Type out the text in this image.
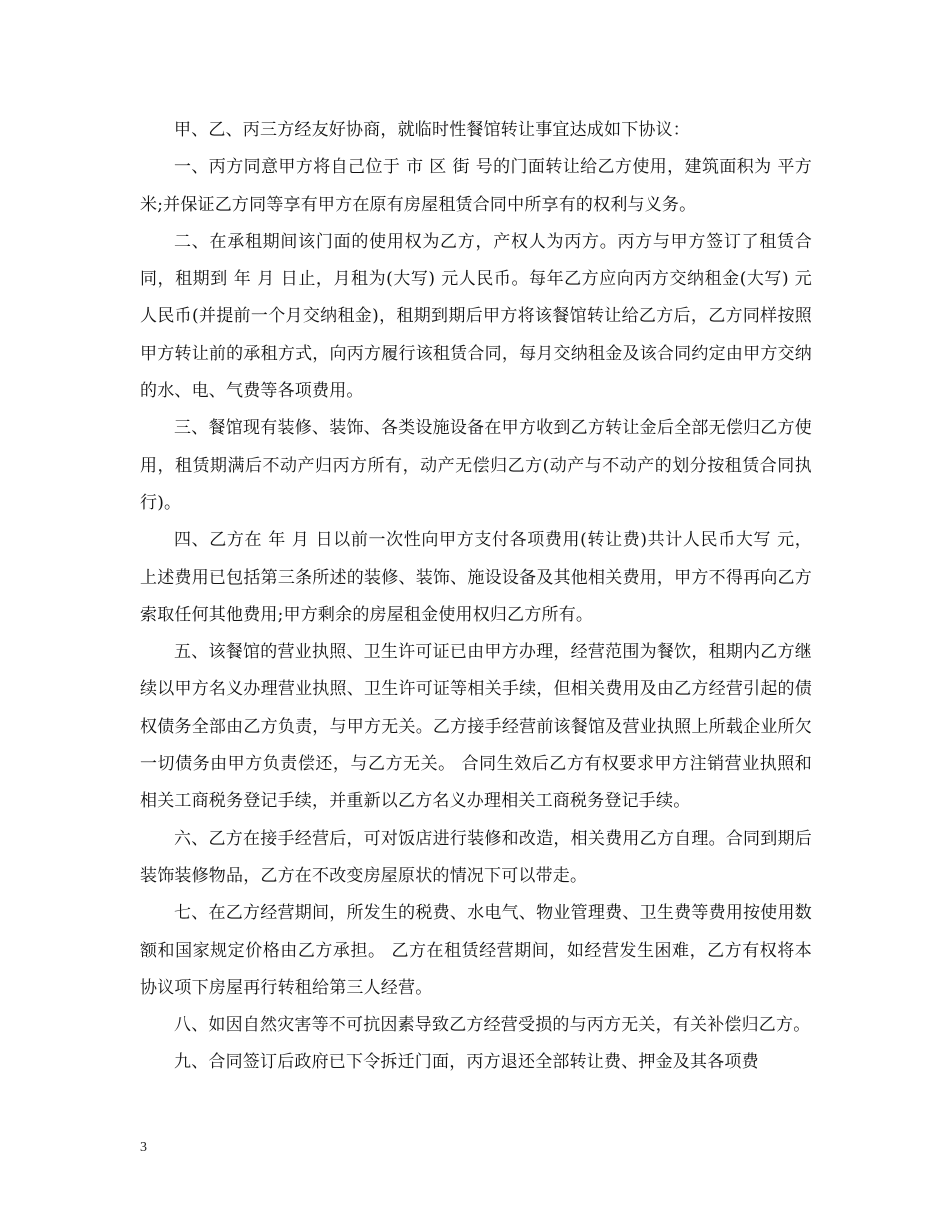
甲、乙、丙三方经友好协商，就临时性餐馆转让事宜达成如下协议：

一、丙方同意甲方将自己位于 市 区 街 号的门面转让给乙方使用，建筑面积为 平方米;并保证乙方同等享有甲方在原有房屋租赁合同中所享有的权利与义务。

二、在承租期间该门面的使用权为乙方，产权人为丙方。丙方与甲方签订了租赁合同，租期到 年 月 日止，月租为(大写) 元人民币。每年乙方应向丙方交纳租金(大写) 元人民币(并提前一个月交纳租金)，租期到期后甲方将该餐馆转让给乙方后，乙方同样按照甲方转让前的承租方式，向丙方履行该租赁合同，每月交纳租金及该合同约定由甲方交纳的水、电、气费等各项费用。

三、餐馆现有装修、装饰、各类设施设备在甲方收到乙方转让金后全部无偿归乙方使用，租赁期满后不动产归丙方所有，动产无偿归乙方(动产与不动产的划分按租赁合同执行)。

四、乙方在 年 月 日以前一次性向甲方支付各项费用(转让费)共计人民币大写 元，上述费用已包括第三条所述的装修、装饰、施设设备及其他相关费用，甲方不得再向乙方索取任何其他费用;甲方剩余的房屋租金使用权归乙方所有。

五、该餐馆的营业执照、卫生许可证已由甲方办理，经营范围为餐饮，租期内乙方继续以甲方名义办理营业执照、卫生许可证等相关手续，但相关费用及由乙方经营引起的债权债务全部由乙方负责，与甲方无关。乙方接手经营前该餐馆及营业执照上所载企业所欠一切债务由甲方负责偿还，与乙方无关。 合同生效后乙方有权要求甲方注销营业执照和相关工商税务登记手续，并重新以乙方名义办理相关工商税务登记手续。

六、乙方在接手经营后，可对饭店进行装修和改造，相关费用乙方自理。合同到期后装饰装修物品，乙方在不改变房屋原状的情况下可以带走。

七、在乙方经营期间，所发生的税费、水电气、物业管理费、卫生费等费用按使用数额和国家规定价格由乙方承担。 乙方在租赁经营期间，如经营发生困难，乙方有权将本协议项下房屋再行转租给第三人经营。

八、如因自然灾害等不可抗因素导致乙方经营受损的与丙方无关，有关补偿归乙方。

九、合同签订后政府已下令拆迁门面，丙方退还全部转让费、押金及其各项费

3
